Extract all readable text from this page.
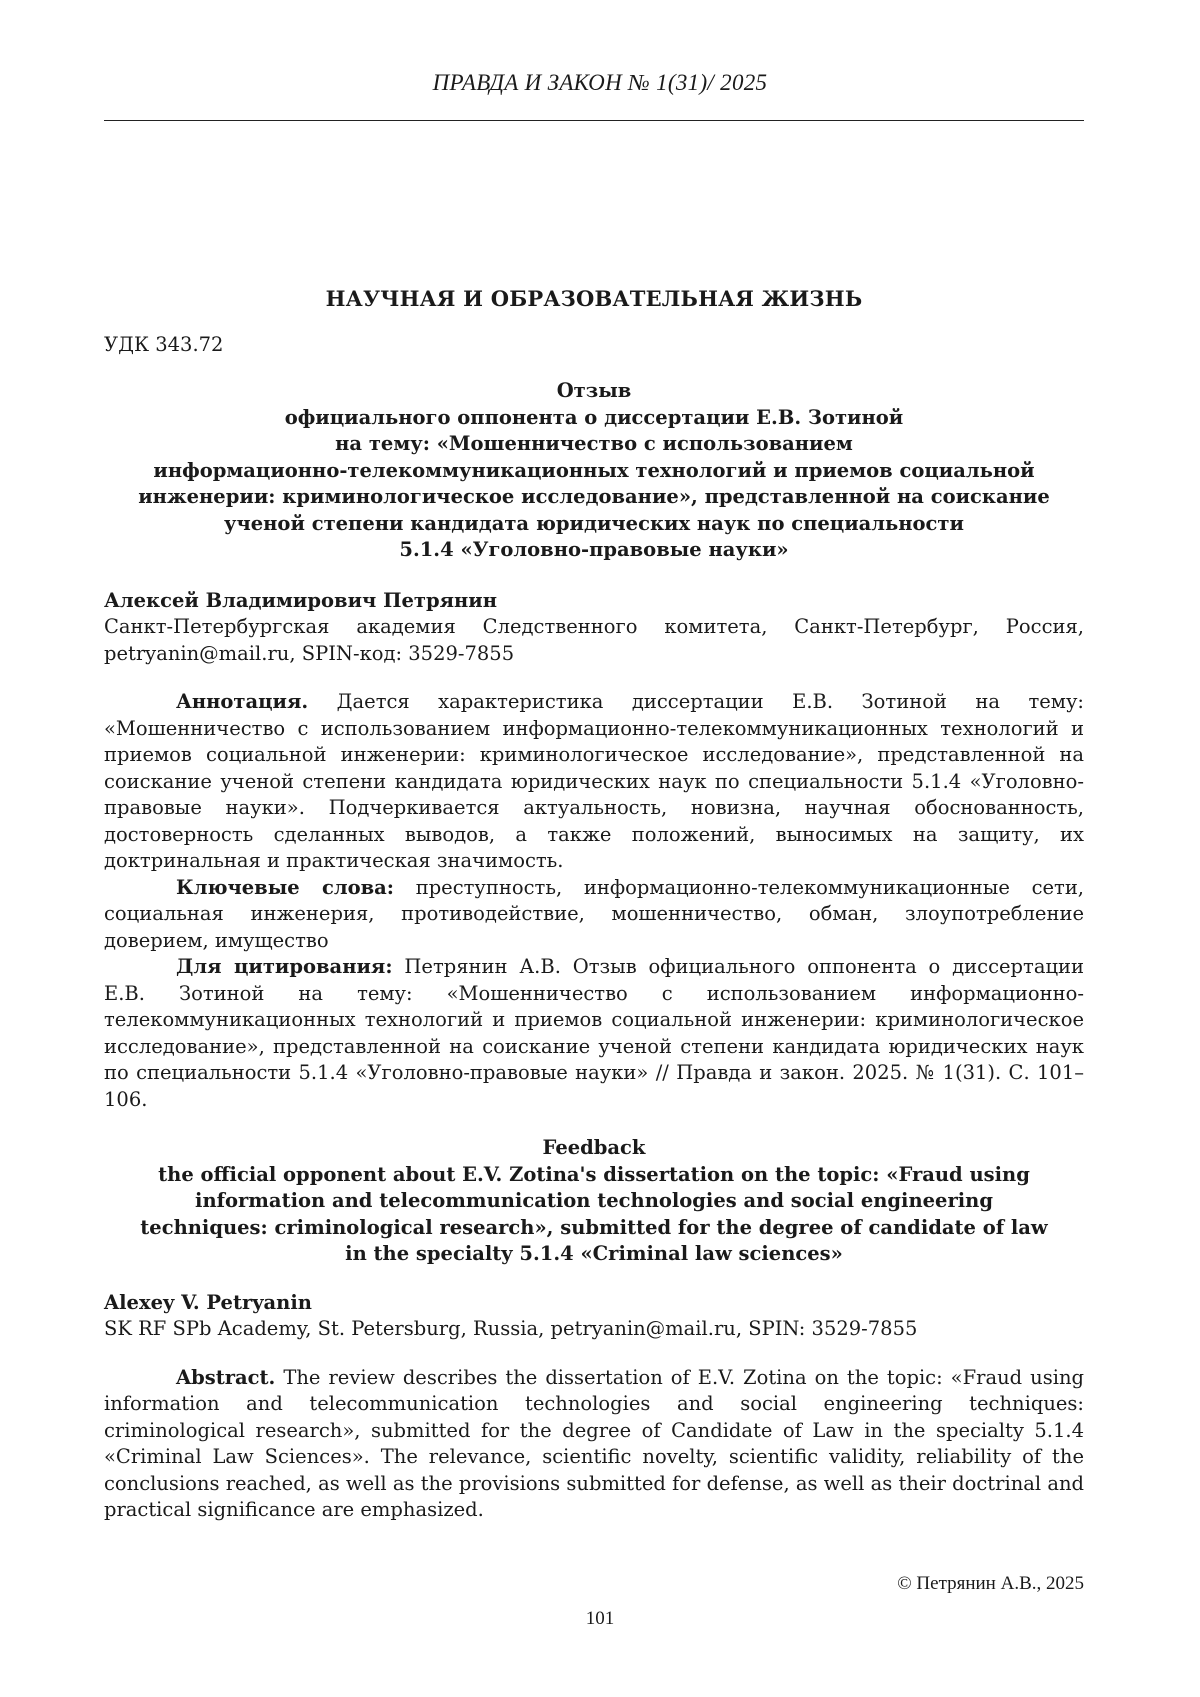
ПРАВДА И ЗАКОН № 1(31)/ 2025
НАУЧНАЯ И ОБРАЗОВАТЕЛЬНАЯ ЖИЗНЬ
УДК 343.72

Отзыв

официального оппонента о диссертации Е.В. Зотиной

на тему: «Мошенничество с использованием

информационно-телекоммуникационных технологий и приемов социальной

инженерии: криминологическое исследование», представленной на соискание

ученой степени кандидата юридических наук по специальности

5.1.4 «Уголовно-правовые науки»

Алексей Владимирович Петрянин
Санкт-Петербургская академия Следственного комитета, Санкт-Петербург, Россия, petryanin@mail.ru, SPIN-код: 3529-7855

Аннотация. Дается характеристика диссертации Е.В. Зотиной на тему: «Мошенничество с использованием информационно-телекоммуникационных технологий и приемов социальной инженерии: криминологическое исследование», представленной на соискание ученой степени кандидата юридических наук по специальности 5.1.4 «Уголовно-правовые науки». Подчеркивается актуальность, новизна, научная обоснованность, достоверность сделанных выводов, а также положений, выносимых на защиту, их доктринальная и практическая значимость.

Ключевые слова: преступность, информационно-телекоммуникационные сети, социальная инженерия, противодействие, мошенничество, обман, злоупотребление доверием, имущество

Для цитирования: Петрянин А.В. Отзыв официального оппонента о диссертации Е.В. Зотиной на тему: «Мошенничество с использованием информационно-телекоммуникационных технологий и приемов социальной инженерии: криминологическое исследование», представленной на соискание ученой степени кандидата юридических наук по специальности 5.1.4 «Уголовно-правовые науки» // Правда и закон. 2025. № 1(31). С. 101–106.

Feedback

the official opponent about E.V. Zotina's dissertation on the topic: «Fraud using

information and telecommunication technologies and social engineering

techniques: criminological research», submitted for the degree of candidate of law

in the specialty 5.1.4 «Criminal law sciences»

Alexey V. Petryanin
SK RF SPb Academy, St. Petersburg, Russia, petryanin@mail.ru, SPIN: 3529-7855

Abstract. The review describes the dissertation of E.V. Zotina on the topic: «Fraud using information and telecommunication technologies and social engineering techniques: criminological research», submitted for the degree of Candidate of Law in the specialty 5.1.4 «Criminal Law Sciences». The relevance, scientific novelty, scientific validity, reliability of the conclusions reached, as well as the provisions submitted for defense, as well as their doctrinal and practical significance are emphasized.

© Петрянин А.В., 2025
101
